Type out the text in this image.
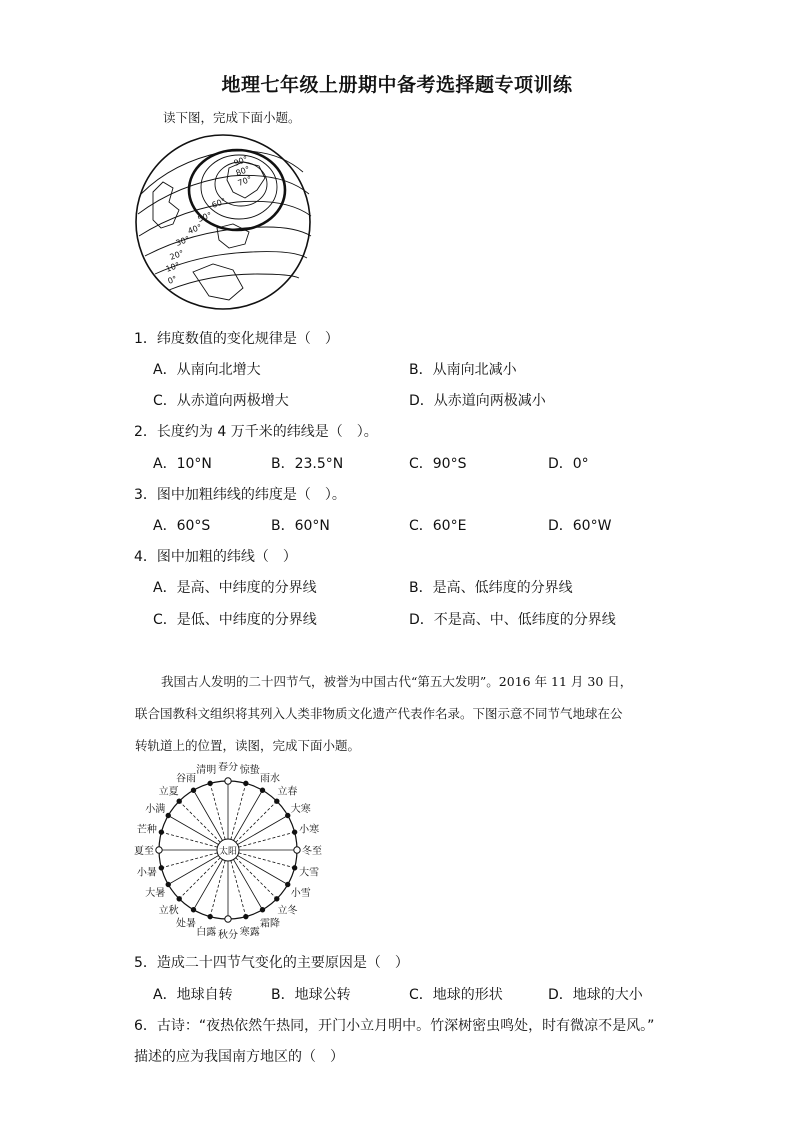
地理七年级上册期中备考选择题专项训练
读下图，完成下面小题。
90°
80°
70°
60°
50°
40°
30°
20°
10°
0°
1．纬度数值的变化规律是（　）
A．从南向北增大	B．从南向北减小
C．从赤道向两极增大	D．从赤道向两极减小
2．长度约为 4 万千米的纬线是（　）。
A．10°N	B．23.5°N	C．90°S	D．0°
3．图中加粗纬线的纬度是（　）。
A．60°S	B．60°N	C．60°E	D．60°W
4．图中加粗的纬线（　）
A．是高、中纬度的分界线	B．是高、低纬度的分界线
C．是低、中纬度的分界线	D．不是高、中、低纬度的分界线
我国古人发明的二十四节气，被誉为中国古代“第五大发明”。2016 年 11 月 30 日，
联合国教科文组织将其列入人类非物质文化遗产代表作名录。下图示意不同节气地球在公
转轨道上的位置，读图，完成下面小题。
春分 惊蛰
雨水
立春
大寒
小寒
冬至
大雪
小雪
立冬
霜降
寒露
秋分
白露
处暑
立秋
大暑
小暑
夏至
芒种
小满
立夏
谷雨
清明
太阳
5．造成二十四节气变化的主要原因是（　）
A．地球自转	B．地球公转	C．地球的形状	D．地球的大小
6．古诗：“夜热依然午热同，开门小立月明中。竹深树密虫鸣处，时有微凉不是风。”
描述的应为我国南方地区的（　）
